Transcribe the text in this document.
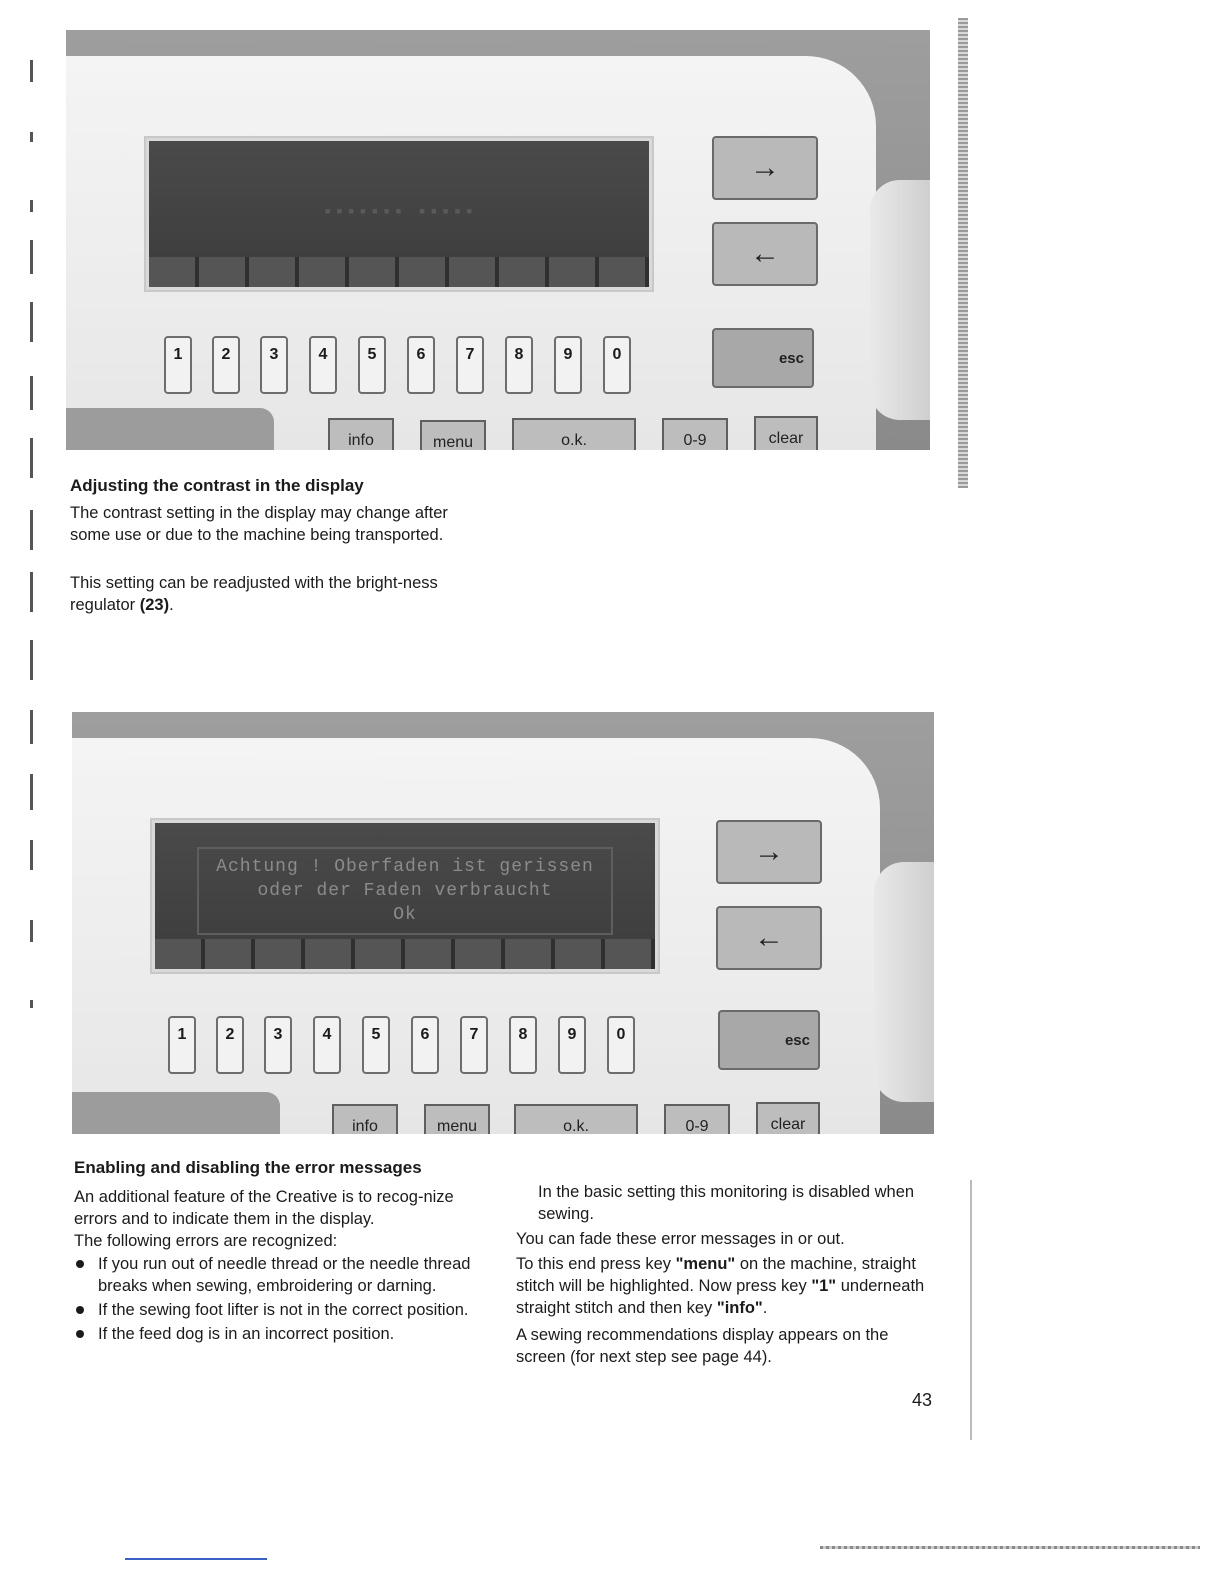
▪▪▪▪▪▪▪ ▪▪▪▪▪
→
←
esc
1	2	3	4	5	6	7	8	9	0
info	menu	o.k.	0-9	clear
Adjusting the contrast in the display

The contrast setting in the display may change after some use or due to the machine being transported.

This setting can be readjusted with the bright-ness regulator (23).

Achtung ! Oberfaden ist gerissen
oder der Faden verbraucht
Ok
→
←
esc
1	2	3	4	5	6	7	8	9	0
info	menu	o.k.	0-9	clear
Enabling and disabling the error messages

An additional feature of the Creative is to recog-nize errors and to indicate them in the display.

The following errors are recognized:

If you run out of needle thread or the needle thread breaks when sewing, embroidering or darning.
If the sewing foot lifter is not in the correct position.
If the feed dog is in an incorrect position.

In the basic setting this monitoring is disabled when sewing.

You can fade these error messages in or out.

To this end press key "menu" on the machine, straight stitch will be highlighted. Now press key "1" underneath straight stitch and then key "info".

A sewing recommendations display appears on the screen (for next step see page 44).

43
